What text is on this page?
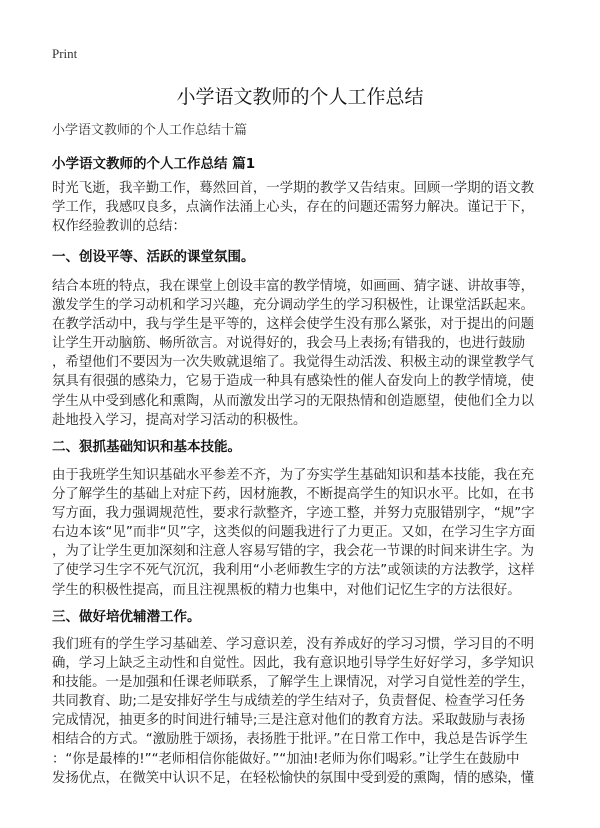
Print
小学语文教师的个人工作总结
小学语文教师的个人工作总结十篇
小学语文教师的个人工作总结 篇1
时光飞逝，我辛勤工作，蓦然回首，一学期的教学又告结束。回顾一学期的语文教
学工作，我感叹良多，点滴作法涌上心头，存在的问题还需努力解决。谨记于下，
权作经验教训的总结：
一、创设平等、活跃的课堂氛围。
结合本班的特点，我在课堂上创设丰富的教学情境，如画画、猜字谜、讲故事等，
激发学生的学习动机和学习兴趣，充分调动学生的学习积极性，让课堂活跃起来。
在教学活动中，我与学生是平等的，这样会使学生没有那么紧张，对于提出的问题
让学生开动脑筋、畅所欲言。对说得好的，我会马上表扬;有错我的，也进行鼓励
，希望他们不要因为一次失败就退缩了。我觉得生动活泼、积极主动的课堂教学气
氛具有很强的感染力，它易于造成一种具有感染性的催人奋发向上的教学情境，使
学生从中受到感化和熏陶，从而激发出学习的无限热情和创造愿望，使他们全力以
赴地投入学习，提高对学习活动的积极性。
二、狠抓基础知识和基本技能。
由于我班学生知识基础水平参差不齐，为了夯实学生基础知识和基本技能，我在充
分了解学生的基础上对症下药，因材施教，不断提高学生的知识水平。比如，在书
写方面，我力强调规范性，要求行款整齐，字迹工整，并努力克服错别字，“规”字
右边本该“见”而非“贝”字，这类似的问题我进行了力更正。又如，在学习生字方面
，为了让学生更加深刻和注意人容易写错的字，我会花一节课的时间来讲生字。为
了使学习生字不死气沉沉，我利用“小老师教生字的方法”或领读的方法教学，这样
学生的积极性提高，而且注视黑板的精力也集中，对他们记忆生字的方法很好。
三、做好培优辅潜工作。
我们班有的学生学习基础差、学习意识差，没有养成好的学习习惯，学习目的不明
确，学习上缺乏主动性和自觉性。因此，我有意识地引导学生好好学习，多学知识
和技能。一是加强和任课老师联系，了解学生上课情况，对学习自觉性差的学生，
共同教育、助;二是安排好学生与成绩差的学生结对子，负责督促、检查学习任务
完成情况，抽更多的时间进行辅导;三是注意对他们的教育方法。采取鼓励与表扬
相结合的方式。“激励胜于颂扬，表扬胜于批评。”在日常工作中，我总是告诉学生
：“你是最棒的!”“老师相信你能做好。”“加油!老师为你们喝彩。”让学生在鼓励中
发扬优点，在微笑中认识不足，在轻松愉快的氛围中受到爱的熏陶，情的感染，懂
